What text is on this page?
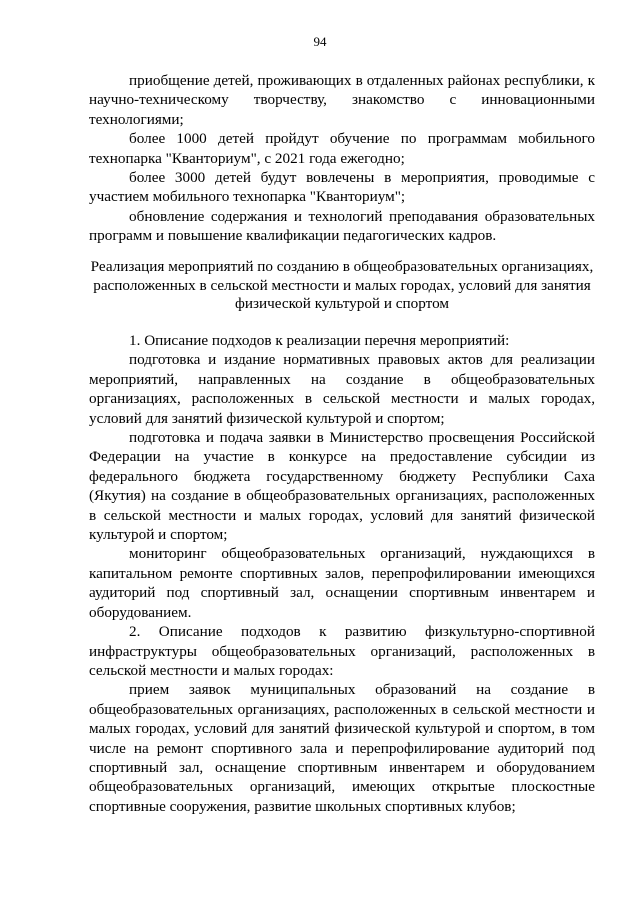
94

приобщение детей, проживающих в отдаленных районах республики, к научно-техническому творчеству, знакомство с инновационными технологиями;

более 1000 детей пройдут обучение по программам мобильного технопарка "Кванториум", с 2021 года ежегодно;

более 3000 детей будут вовлечены в мероприятия, проводимые с участием мобильного технопарка "Кванториум";

обновление содержания и технологий преподавания образовательных программ и повышение квалификации педагогических кадров.

Реализация мероприятий по созданию в общеобразовательных организациях, расположенных в сельской местности и малых городах, условий для занятия физической культурой и спортом

1. Описание подходов к реализации перечня мероприятий:

подготовка и издание нормативных правовых актов для реализации мероприятий, направленных на создание в общеобразовательных организациях, расположенных в сельской местности и малых городах, условий для занятий физической культурой и спортом;

подготовка и подача заявки в Министерство просвещения Российской Федерации на участие в конкурсе на предоставление субсидии из федерального бюджета государственному бюджету Республики Саха (Якутия) на создание в общеобразовательных организациях, расположенных в сельской местности и малых городах, условий для занятий физической культурой и спортом;

мониторинг общеобразовательных организаций, нуждающихся в капитальном ремонте спортивных залов, перепрофилировании имеющихся аудиторий под спортивный зал, оснащении спортивным инвентарем и оборудованием.

2. Описание подходов к развитию физкультурно-спортивной инфраструктуры общеобразовательных организаций, расположенных в сельской местности и малых городах:

прием заявок муниципальных образований на создание в общеобразовательных организациях, расположенных в сельской местности и малых городах, условий для занятий физической культурой и спортом, в том числе на ремонт спортивного зала и перепрофилирование аудиторий под спортивный зал, оснащение спортивным инвентарем и оборудованием общеобразовательных организаций, имеющих открытые плоскостные спортивные сооружения, развитие школьных спортивных клубов;
